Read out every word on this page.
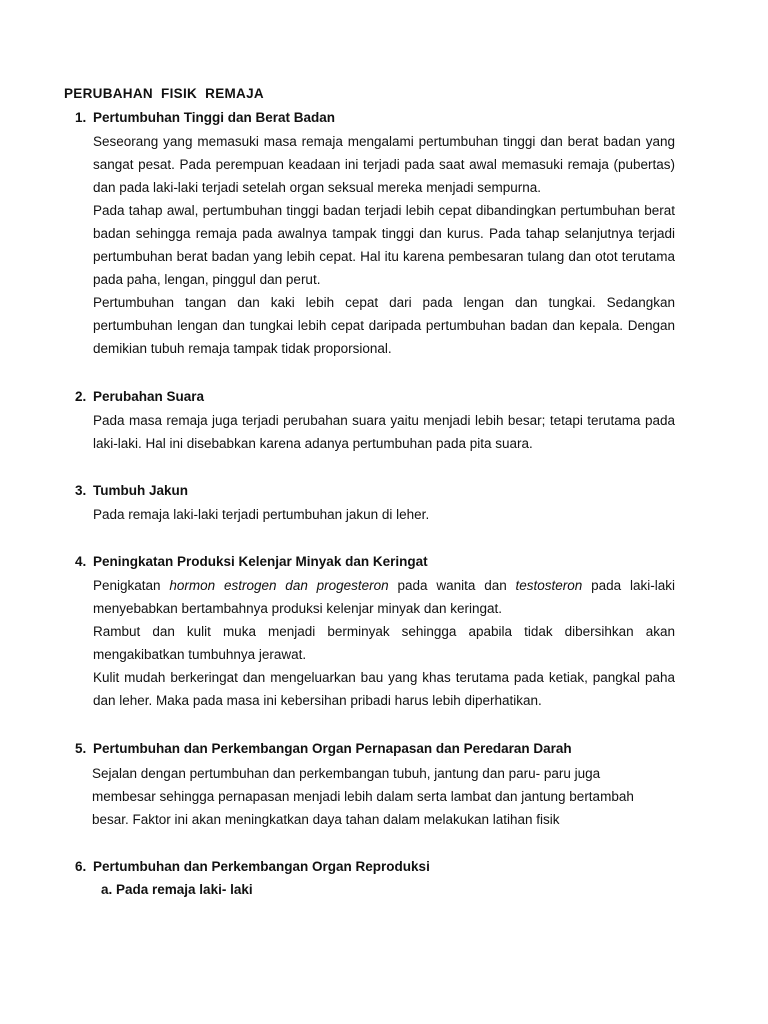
PERUBAHAN  FISIK  REMAJA
1. Pertumbuhan Tinggi dan Berat Badan

Seseorang yang memasuki masa remaja mengalami pertumbuhan tinggi dan berat badan yang sangat pesat. Pada perempuan keadaan ini terjadi pada saat awal memasuki remaja (pubertas) dan pada laki-laki terjadi setelah organ seksual mereka menjadi sempurna.

Pada tahap awal, pertumbuhan tinggi badan terjadi lebih cepat dibandingkan pertumbuhan berat badan sehingga remaja pada awalnya tampak tinggi dan kurus. Pada tahap selanjutnya terjadi pertumbuhan berat badan yang lebih cepat. Hal itu karena pembesaran tulang dan otot terutama pada paha, lengan, pinggul dan perut.

Pertumbuhan tangan dan kaki lebih cepat dari pada lengan dan tungkai. Sedangkan pertumbuhan lengan dan tungkai lebih cepat daripada pertumbuhan badan dan kepala. Dengan demikian tubuh remaja tampak tidak proporsional.

2. Perubahan Suara

Pada masa remaja juga terjadi perubahan suara yaitu menjadi lebih besar; tetapi terutama pada laki-laki. Hal ini disebabkan karena adanya pertumbuhan pada pita suara.

3. Tumbuh Jakun

Pada remaja laki-laki terjadi pertumbuhan jakun di leher.

4. Peningkatan Produksi Kelenjar Minyak dan Keringat

Penigkatan hormon estrogen dan progesteron pada wanita dan testosteron pada laki-laki menyebabkan bertambahnya produksi kelenjar minyak dan keringat.

Rambut dan kulit muka menjadi berminyak sehingga apabila tidak dibersihkan akan mengakibatkan tumbuhnya jerawat.

Kulit mudah berkeringat dan mengeluarkan bau yang khas terutama pada ketiak, pangkal paha dan leher. Maka pada masa ini kebersihan pribadi harus lebih diperhatikan.

5. Pertumbuhan dan Perkembangan Organ Pernapasan dan Peredaran Darah
Sejalan dengan pertumbuhan dan perkembangan tubuh, jantung dan paru- paru juga
membesar sehingga pernapasan menjadi lebih dalam serta lambat dan jantung bertambah
besar. Faktor ini akan meningkatkan daya tahan dalam melakukan latihan fisik
6. Pertumbuhan dan Perkembangan Organ Reproduksi
a. Pada remaja laki- laki
